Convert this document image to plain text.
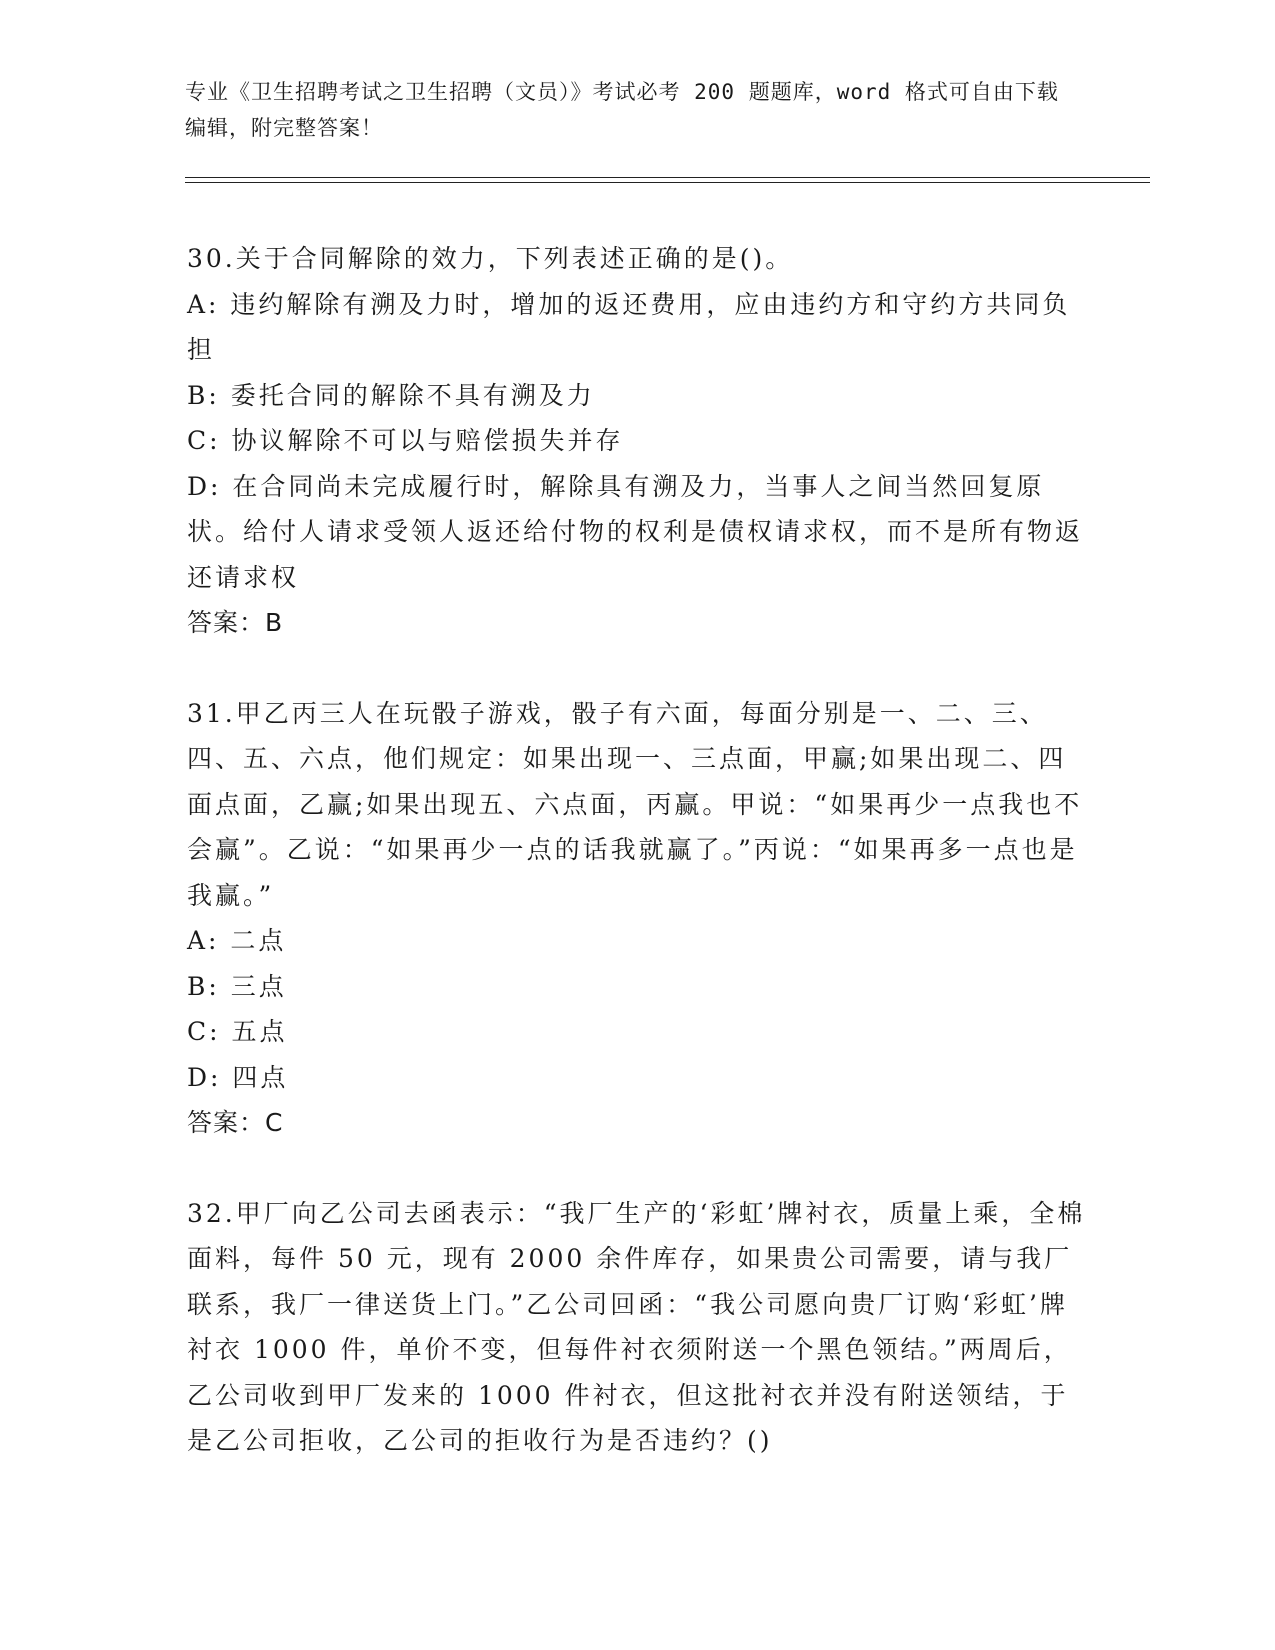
专业《卫生招聘考试之卫生招聘（文员）》考试必考 200 题题库，word 格式可自由下载编辑，附完整答案！

30.关于合同解除的效力，下列表述正确的是()。

A: 违约解除有溯及力时，增加的返还费用，应由违约方和守约方共同负担

B: 委托合同的解除不具有溯及力

C: 协议解除不可以与赔偿损失并存

D: 在合同尚未完成履行时，解除具有溯及力，当事人之间当然回复原状。给付人请求受领人返还给付物的权利是债权请求权，而不是所有物返还请求权

答案：B

31.甲乙丙三人在玩骰子游戏，骰子有六面，每面分别是一、二、三、四、五、六点，他们规定：如果出现一、三点面，甲赢;如果出现二、四面点面，乙赢;如果出现五、六点面，丙赢。甲说：“如果再少一点我也不会赢”。乙说：“如果再少一点的话我就赢了。”丙说：“如果再多一点也是我赢。”

A: 二点

B: 三点

C: 五点

D: 四点

答案：C

32.甲厂向乙公司去函表示：“我厂生产的‘彩虹’牌衬衣，质量上乘，全棉面料，每件 50 元，现有 2000 余件库存，如果贵公司需要，请与我厂联系，我厂一律送货上门。”乙公司回函：“我公司愿向贵厂订购‘彩虹’牌衬衣 1000 件，单价不变，但每件衬衣须附送一个黑色领结。”两周后，乙公司收到甲厂发来的 1000 件衬衣，但这批衬衣并没有附送领结，于是乙公司拒收，乙公司的拒收行为是否违约？()
